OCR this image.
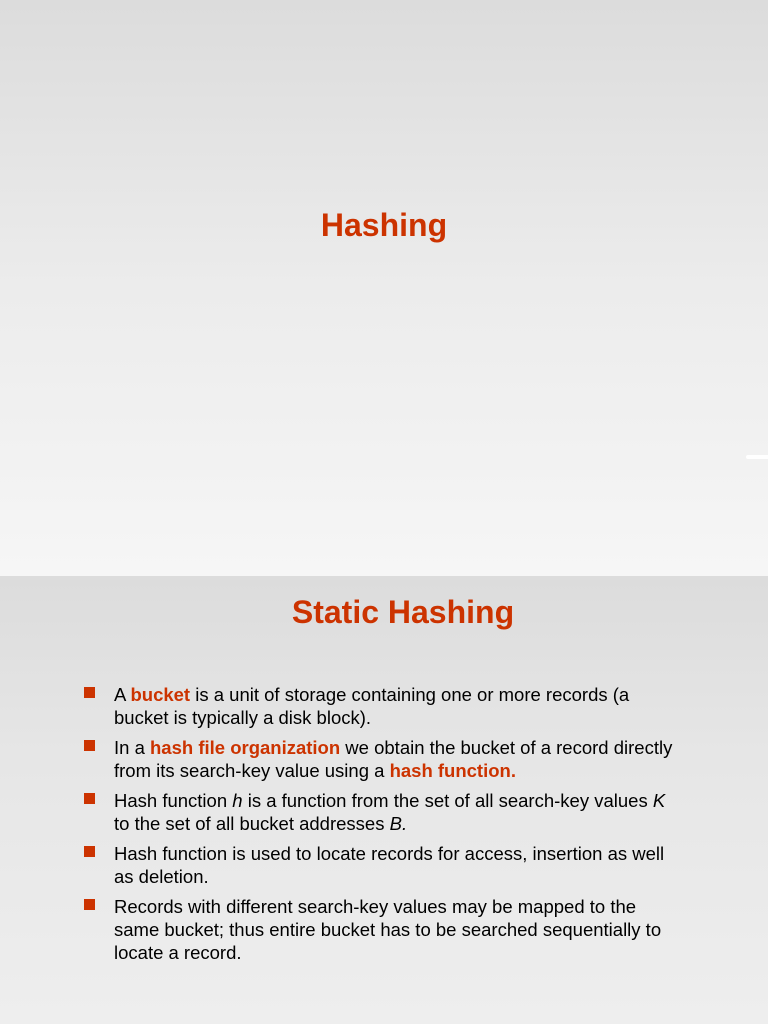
Hashing
Static Hashing
A bucket is a unit of storage containing one or more records (a bucket is typically a disk block).
In a hash file organization we obtain the bucket of a record directly from its search-key value using a hash function.
Hash function h is a function from the set of all search-key values K to the set of all bucket addresses B.
Hash function is used to locate records for access, insertion as well as deletion.
Records with different search-key values may be mapped to the same bucket; thus entire bucket has to be searched sequentially to locate a record.
